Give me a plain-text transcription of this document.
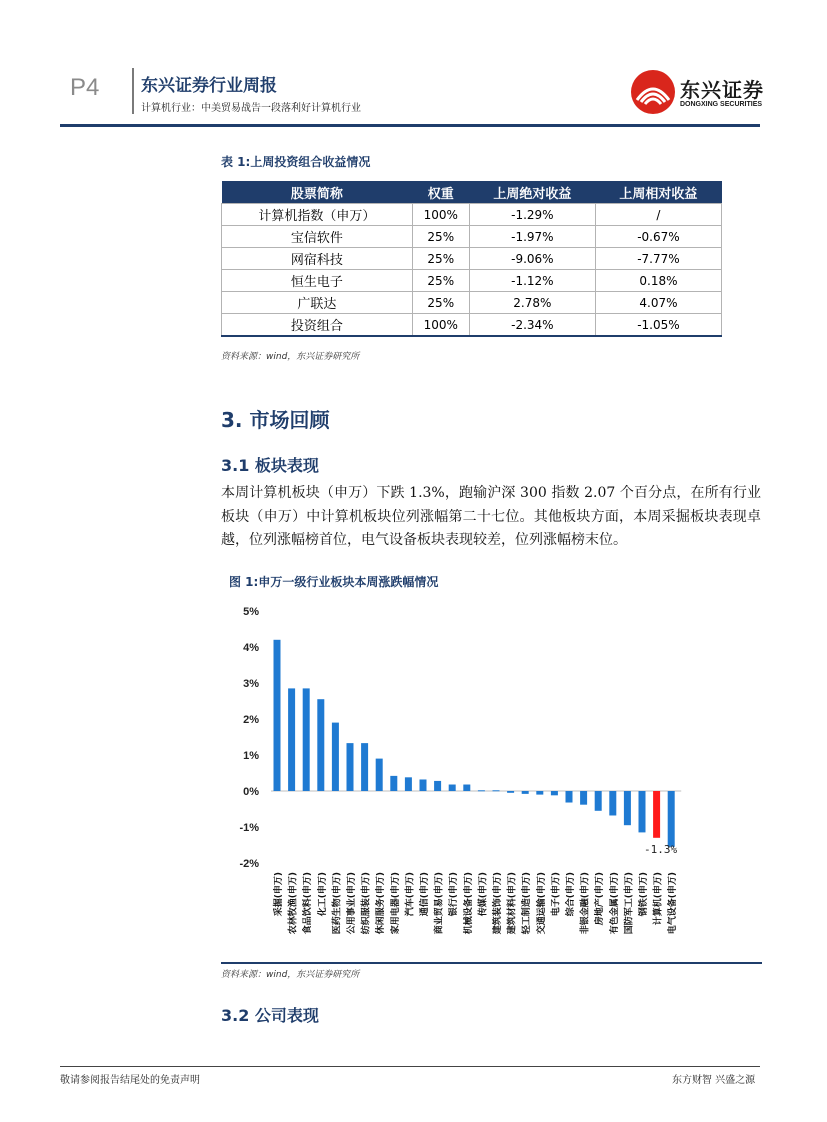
P4 东兴证券行业周报
计算机行业：中美贸易战告一段落利好计算机行业
东兴证券
DONGXING SECURITIES
表 1:上周投资组合收益情况
股票简称	权重	上周绝对收益	上周相对收益
计算机指数（申万）	100%	-1.29%	/
宝信软件	25%	-1.97%	-0.67%
网宿科技	25%	-9.06%	-7.77%
恒生电子	25%	-1.12%	0.18%
广联达	25%	2.78%	4.07%
投资组合	100%	-2.34%	-1.05%
资料来源：wind，东兴证券研究所
3. 市场回顾
3.1 板块表现
本周计算机板块（申万）下跌 1.3%，跑输沪深 300 指数 2.07 个百分点，在所有行业板块（申万）中计算机板块位列涨幅第二十七位。其他板块方面，本周采掘板块表现卓越，位列涨幅榜首位，电气设备板块表现较差，位列涨幅榜末位。
图 1:申万一级行业板块本周涨跌幅情况
5%
4%
3%
2%
1%
0%
-1%
-2%
-1.3%
采掘(申万) 农林牧渔(申万) 食品饮料(申万) 化工(申万) 医药生物(申万) 公用事业(申万) 纺织服装(申万) 休闲服务(申万) 家用电器(申万) 汽车(申万) 通信(申万) 商业贸易(申万) 银行(申万) 机械设备(申万) 传媒(申万) 建筑装饰(申万) 建筑材料(申万) 轻工制造(申万) 交通运输(申万) 电子(申万) 综合(申万) 非银金融(申万) 房地产(申万) 有色金属(申万) 国防军工(申万) 钢铁(申万) 计算机(申万) 电气设备(申万)
资料来源：wind，东兴证券研究所
3.2 公司表现
敬请参阅报告结尾处的免责声明	东方财智 兴盛之源
